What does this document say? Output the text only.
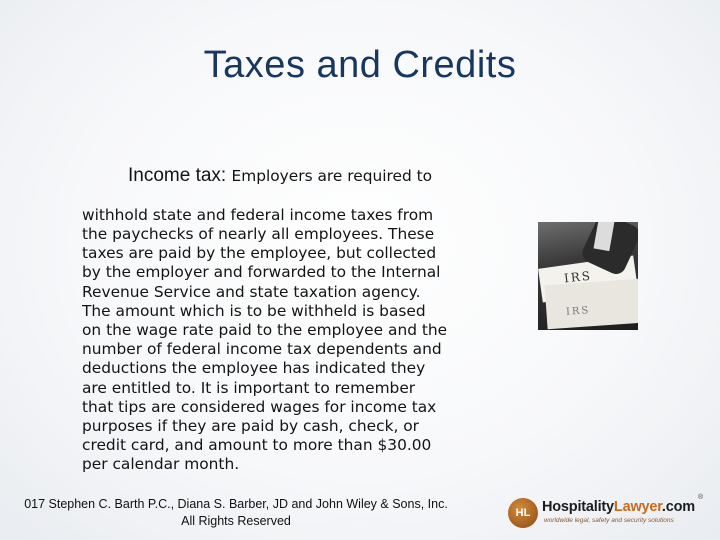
Taxes and Credits

Income tax: Employers are required to

withhold state and federal income taxes from
the paychecks of nearly all employees. These
taxes are paid by the employee, but collected
by the employer and forwarded to the Internal
Revenue Service and state taxation agency.
The amount which is to be withheld is based
on the wage rate paid to the employee and the
number of federal income tax dependents and
deductions the employee has indicated they
are entitled to. It is important to remember
that tips are considered wages for income tax
purposes if they are paid by cash, check, or
credit card, and amount to more than $30.00
per calendar month.

IRS
IRS
017 Stephen C. Barth P.C., Diana S. Barber, JD and John Wiley & Sons, Inc.
All Rights Reserved
HL HospitalityLawyer.com
worldwide legal, safety and security solutions
®
